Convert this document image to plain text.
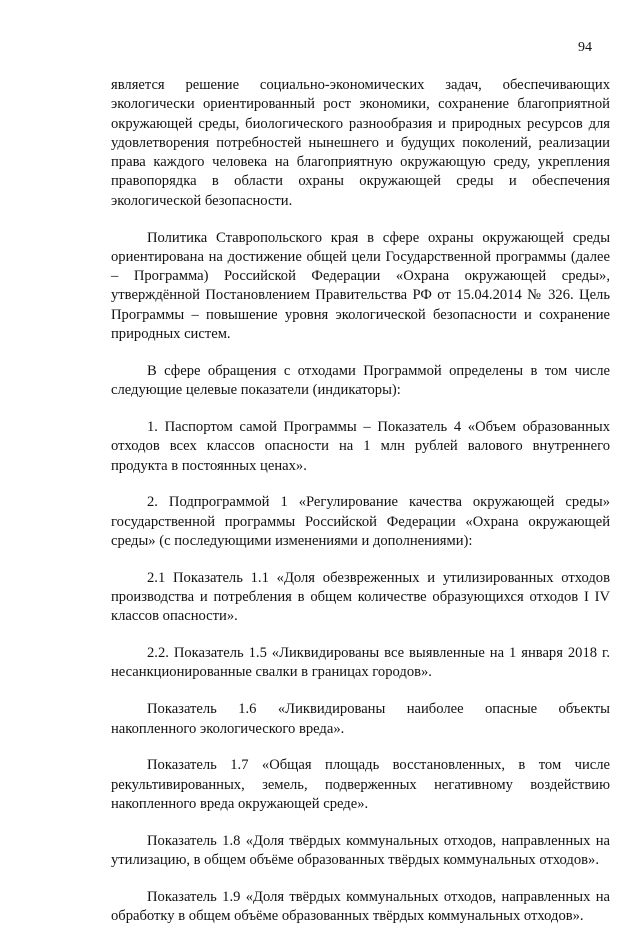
94

является решение социально-экономических задач, обеспечивающих экологически ориентированный рост экономики, сохранение благоприятной окружающей среды, биологического разнообразия и природных ресурсов для удовлетворения потребностей нынешнего и будущих поколений, реализации права каждого человека на благоприятную окружающую среду, укрепления правопорядка в области охраны окружающей среды и обеспечения экологической безопасности.

Политика Ставропольского края в сфере охраны окружающей среды ориентирована на достижение общей цели Государственной программы (далее – Программа) Российской Федерации «Охрана окружающей среды», утверждённой Постановлением Правительства РФ от 15.04.2014 № 326. Цель Программы – повышение уровня экологической безопасности и сохранение природных систем.

В сфере обращения с отходами Программой определены в том числе следующие целевые показатели (индикаторы):

1. Паспортом самой Программы – Показатель 4 «Объем образованных отходов всех классов опасности на 1 млн рублей валового внутреннего продукта в постоянных ценах».

2. Подпрограммой 1 «Регулирование качества окружающей среды» государственной программы Российской Федерации «Охрана окружающей среды» (с последующими изменениями и дополнениями):

2.1 Показатель 1.1 «Доля обезвреженных и утилизированных отходов производства и потребления в общем количестве образующихся отходов I IV классов опасности».

2.2. Показатель 1.5 «Ликвидированы все выявленные на 1 января 2018 г. несанкционированные свалки в границах городов».

Показатель 1.6 «Ликвидированы наиболее опасные объекты накопленного экологического вреда».

Показатель 1.7 «Общая площадь восстановленных, в том числе рекультивированных, земель, подверженных негативному воздействию накопленного вреда окружающей среде».

Показатель 1.8 «Доля твёрдых коммунальных отходов, направленных на утилизацию, в общем объёме образованных твёрдых коммунальных отходов».

Показатель 1.9 «Доля твёрдых коммунальных отходов, направленных на обработку в общем объёме образованных твёрдых коммунальных отходов».
